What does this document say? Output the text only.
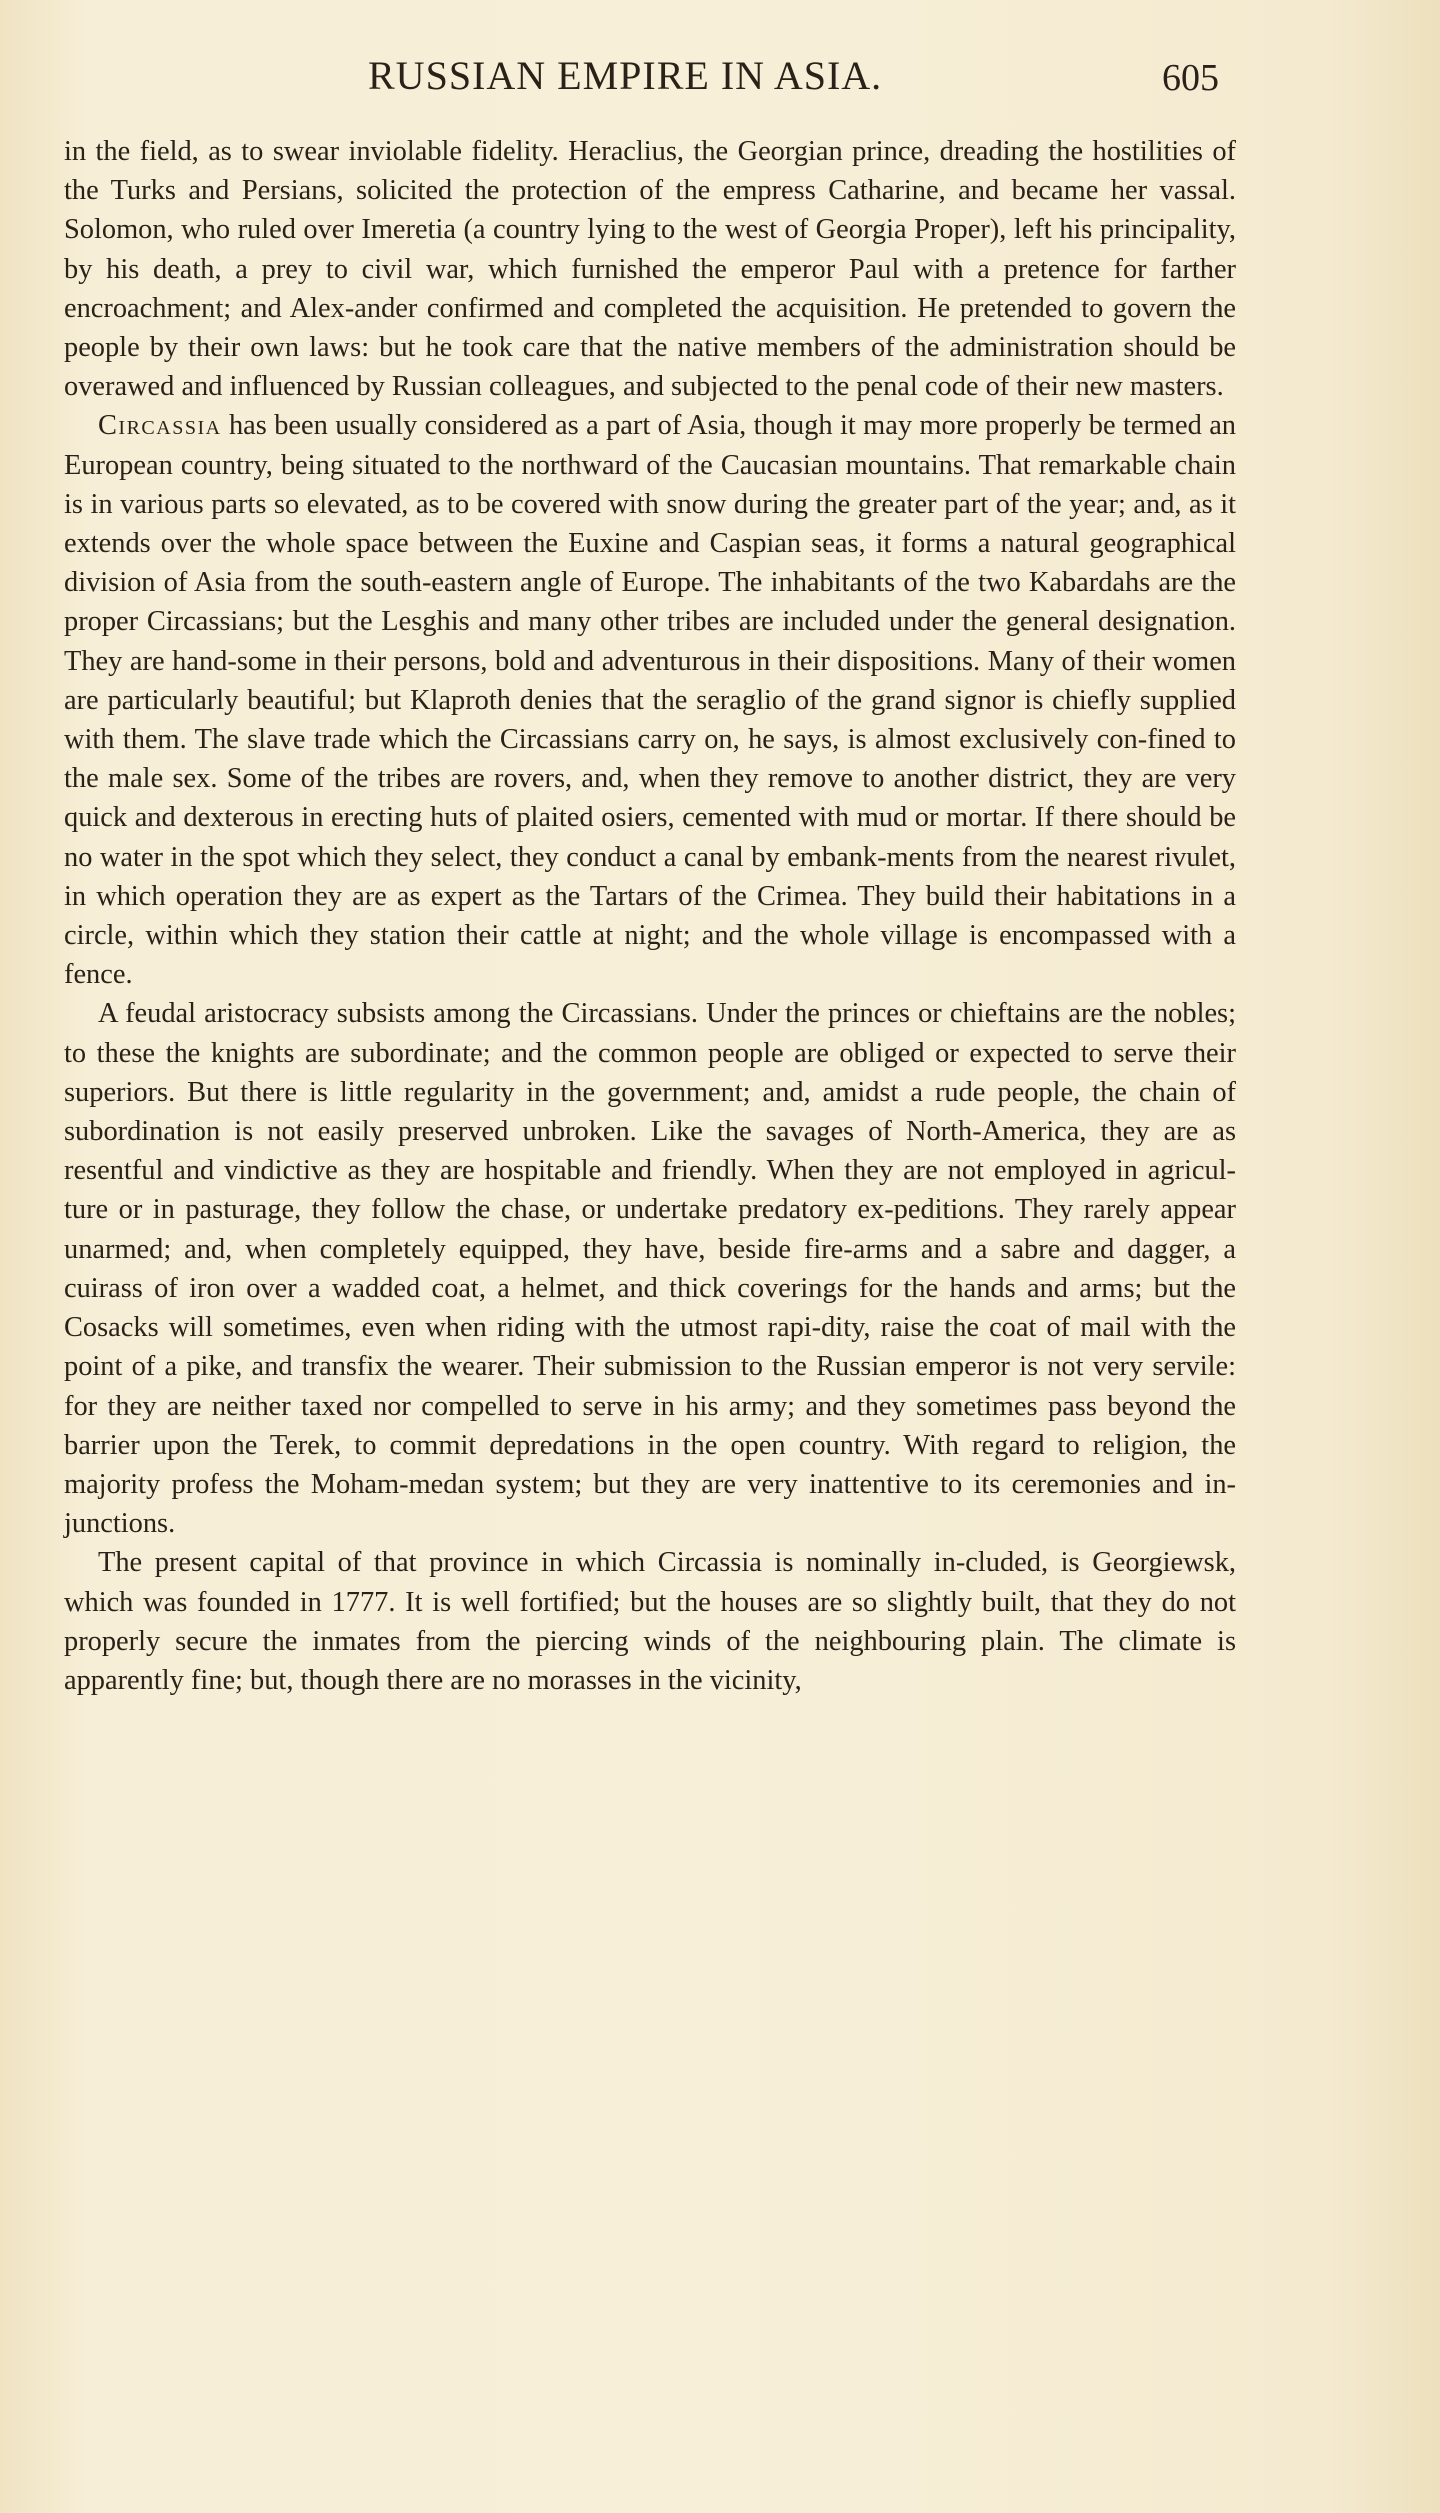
RUSSIAN EMPIRE IN ASIA.	605

in the field, as to swear inviolable fidelity. Heraclius, the Georgian prince, dreading the hostilities of the Turks and Persians, solicited the protection of the empress Catharine, and became her vassal. Solomon, who ruled over Imeretia (a country lying to the west of Georgia Proper), left his principality, by his death, a prey to civil war, which furnished the emperor Paul with a pretence for farther encroachment; and Alex-ander confirmed and completed the acquisition. He pretended to govern the people by their own laws: but he took care that the native members of the administration should be overawed and influenced by Russian colleagues, and subjected to the penal code of their new masters.

Circassia has been usually considered as a part of Asia, though it may more properly be termed an European country, being situated to the northward of the Caucasian mountains. That remarkable chain is in various parts so elevated, as to be covered with snow during the greater part of the year; and, as it extends over the whole space between the Euxine and Caspian seas, it forms a natural geographical division of Asia from the south-eastern angle of Europe. The inhabitants of the two Kabardahs are the proper Circassians; but the Lesghis and many other tribes are included under the general designation. They are hand-some in their persons, bold and adventurous in their dispositions. Many of their women are particularly beautiful; but Klaproth denies that the seraglio of the grand signor is chiefly supplied with them. The slave trade which the Circassians carry on, he says, is almost exclusively con-fined to the male sex. Some of the tribes are rovers, and, when they remove to another district, they are very quick and dexterous in erecting huts of plaited osiers, cemented with mud or mortar. If there should be no water in the spot which they select, they conduct a canal by embank-ments from the nearest rivulet, in which operation they are as expert as the Tartars of the Crimea. They build their habitations in a circle, within which they station their cattle at night; and the whole village is encompassed with a fence.

A feudal aristocracy subsists among the Circassians. Under the princes or chieftains are the nobles; to these the knights are subordinate; and the common people are obliged or expected to serve their superiors. But there is little regularity in the government; and, amidst a rude people, the chain of subordination is not easily preserved unbroken. Like the savages of North-America, they are as resentful and vindictive as they are hospitable and friendly. When they are not employed in agricul-ture or in pasturage, they follow the chase, or undertake predatory ex-peditions. They rarely appear unarmed; and, when completely equipped, they have, beside fire-arms and a sabre and dagger, a cuirass of iron over a wadded coat, a helmet, and thick coverings for the hands and arms; but the Cosacks will sometimes, even when riding with the utmost rapi-dity, raise the coat of mail with the point of a pike, and transfix the wearer. Their submission to the Russian emperor is not very servile: for they are neither taxed nor compelled to serve in his army; and they sometimes pass beyond the barrier upon the Terek, to commit depredations in the open country. With regard to religion, the majority profess the Moham-medan system; but they are very inattentive to its ceremonies and in-junctions.

The present capital of that province in which Circassia is nominally in-cluded, is Georgiewsk, which was founded in 1777. It is well fortified; but the houses are so slightly built, that they do not properly secure the inmates from the piercing winds of the neighbouring plain. The climate is apparently fine; but, though there are no morasses in the vicinity,
